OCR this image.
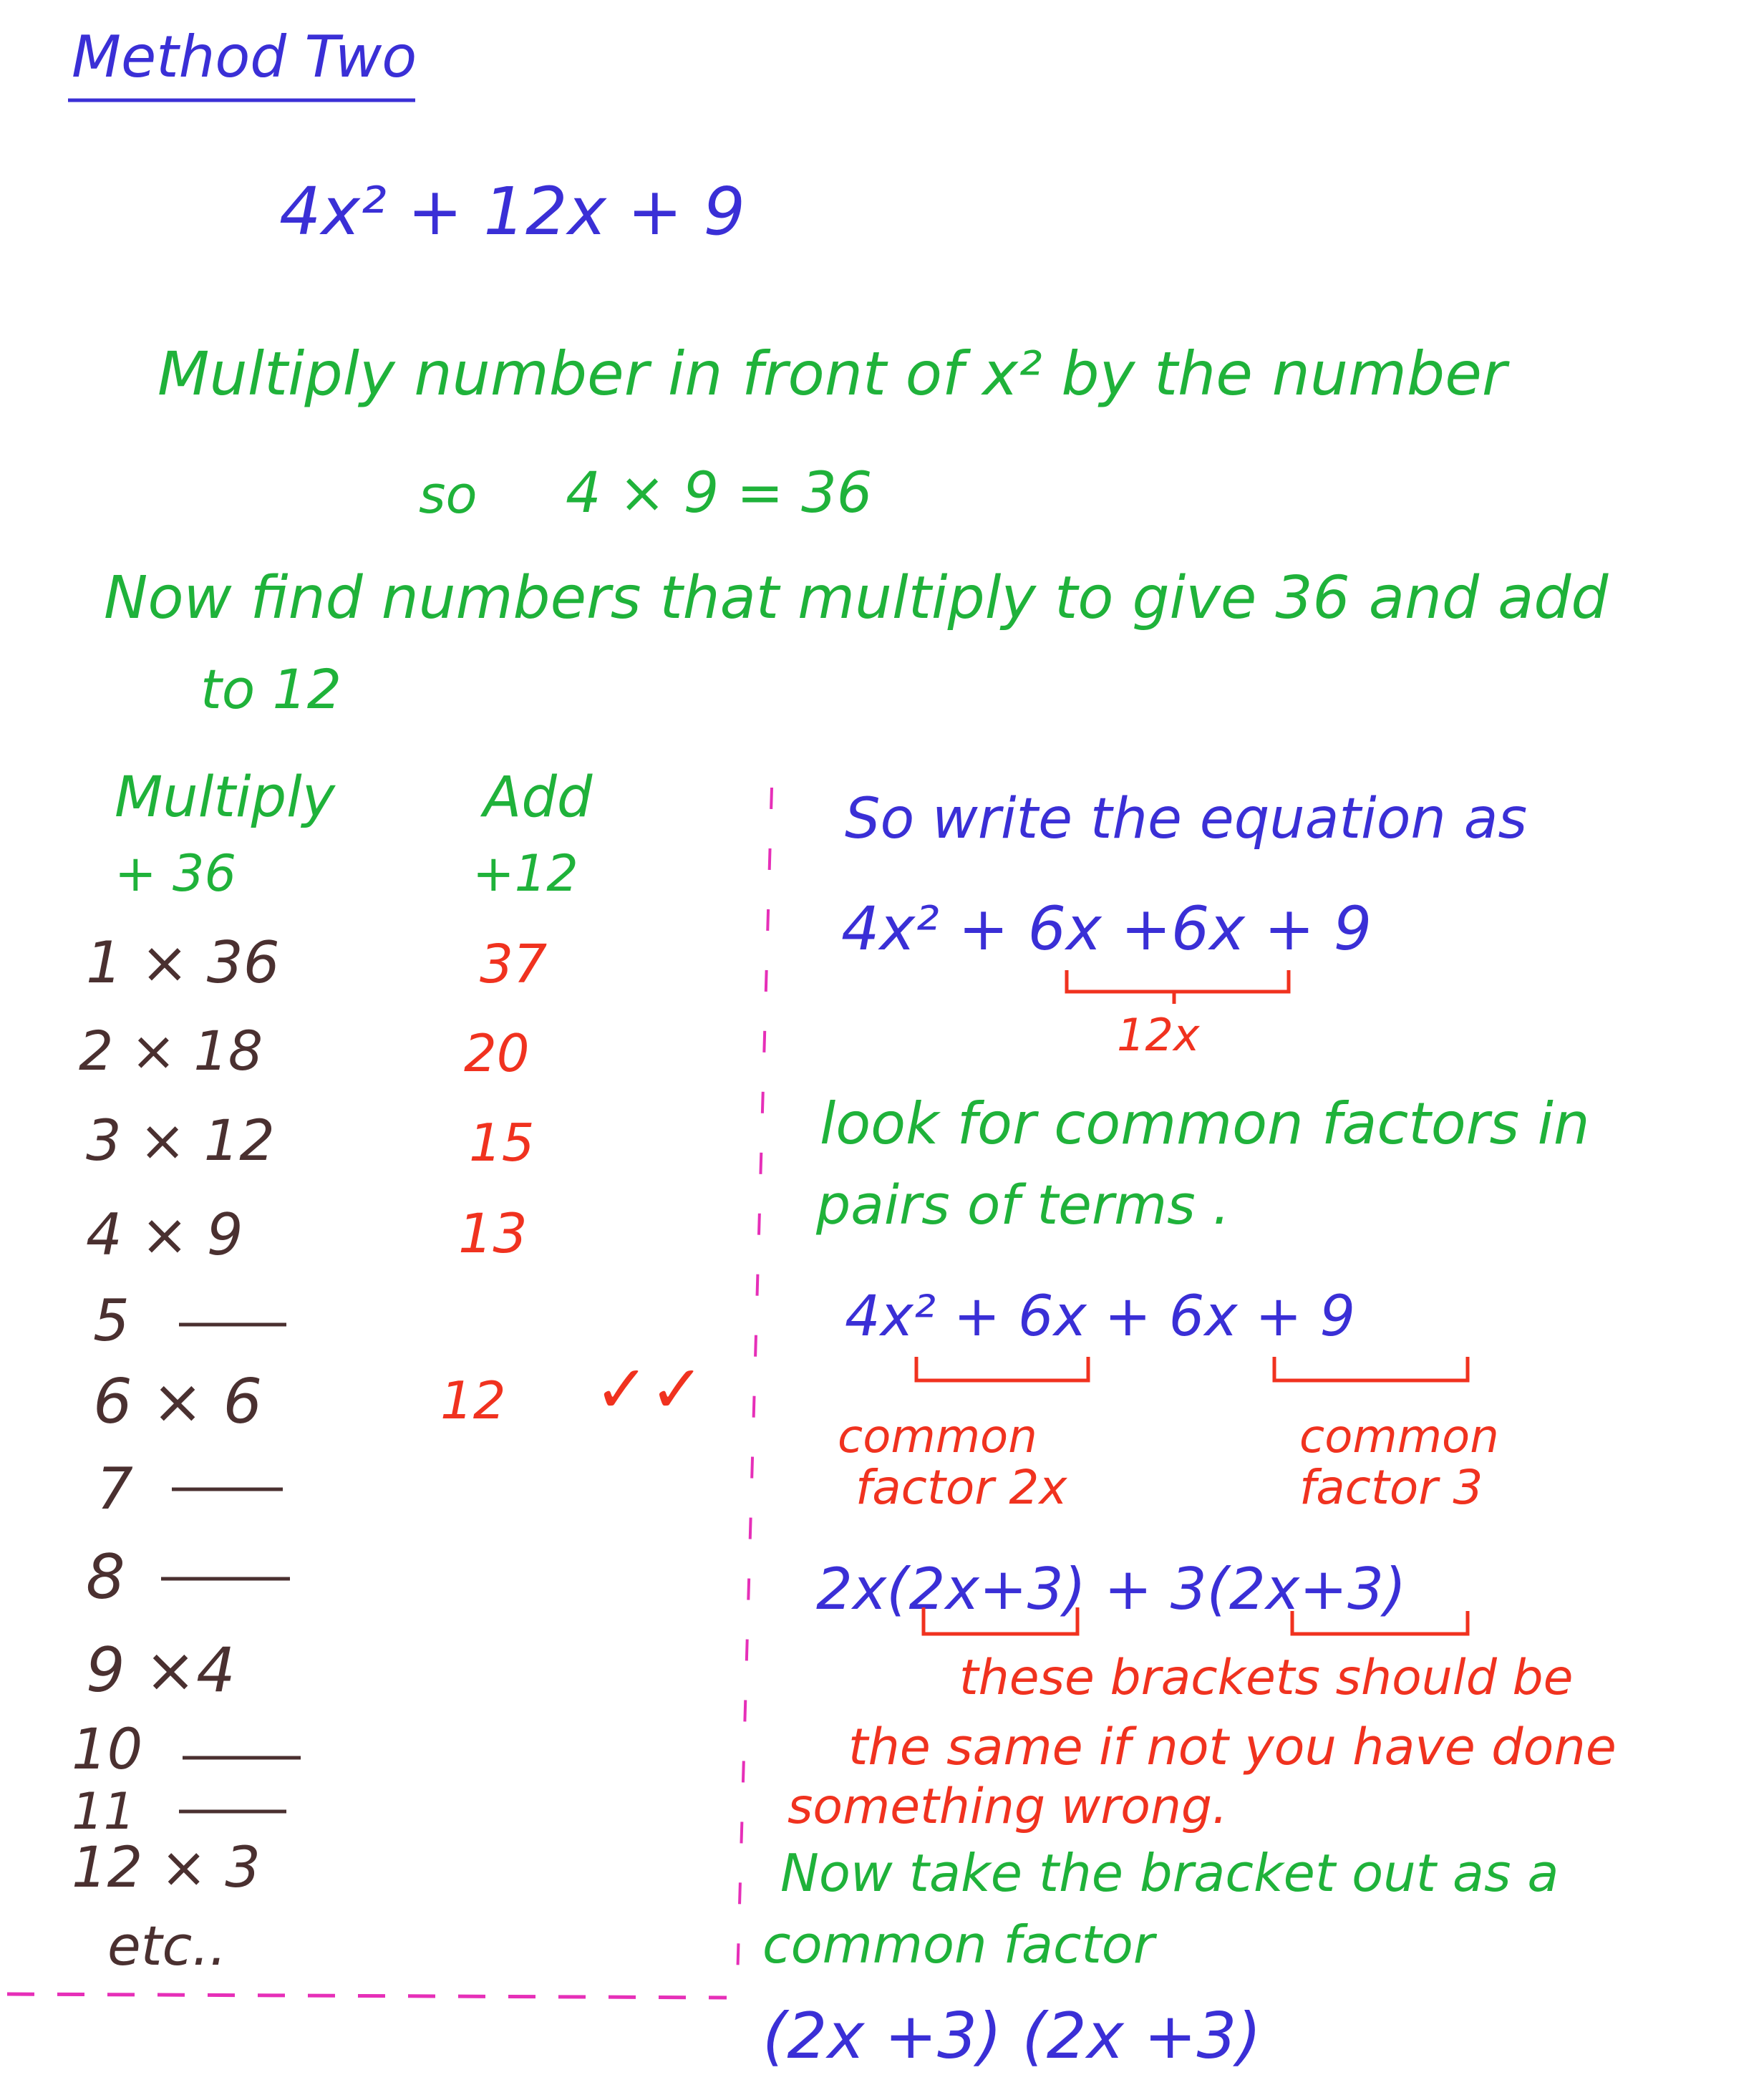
Method Two
4x² + 12x + 9
Multiply number in front of x² by the number
so 4 × 9 = 36
Now find numbers that multiply to give 36 and add
to 12
Multiply
+ 36
Add
+12
1 × 36
2 × 18
3 × 12
4 × 9
5
6 × 6
7
8
9 ×4
10
11
12 × 3
etc..
37
20
15
13
12 ✓✓
So write the equation as
4x² + 6x +6x + 9
12x
look for common factors in
pairs of terms .
4x² + 6x + 6x + 9
common
factor 2x
common
factor 3
2x(2x+3) + 3(2x+3)
these brackets should be
the same if not you have done
something wrong.
Now take the bracket out as a
common factor
(2x +3) (2x +3)
